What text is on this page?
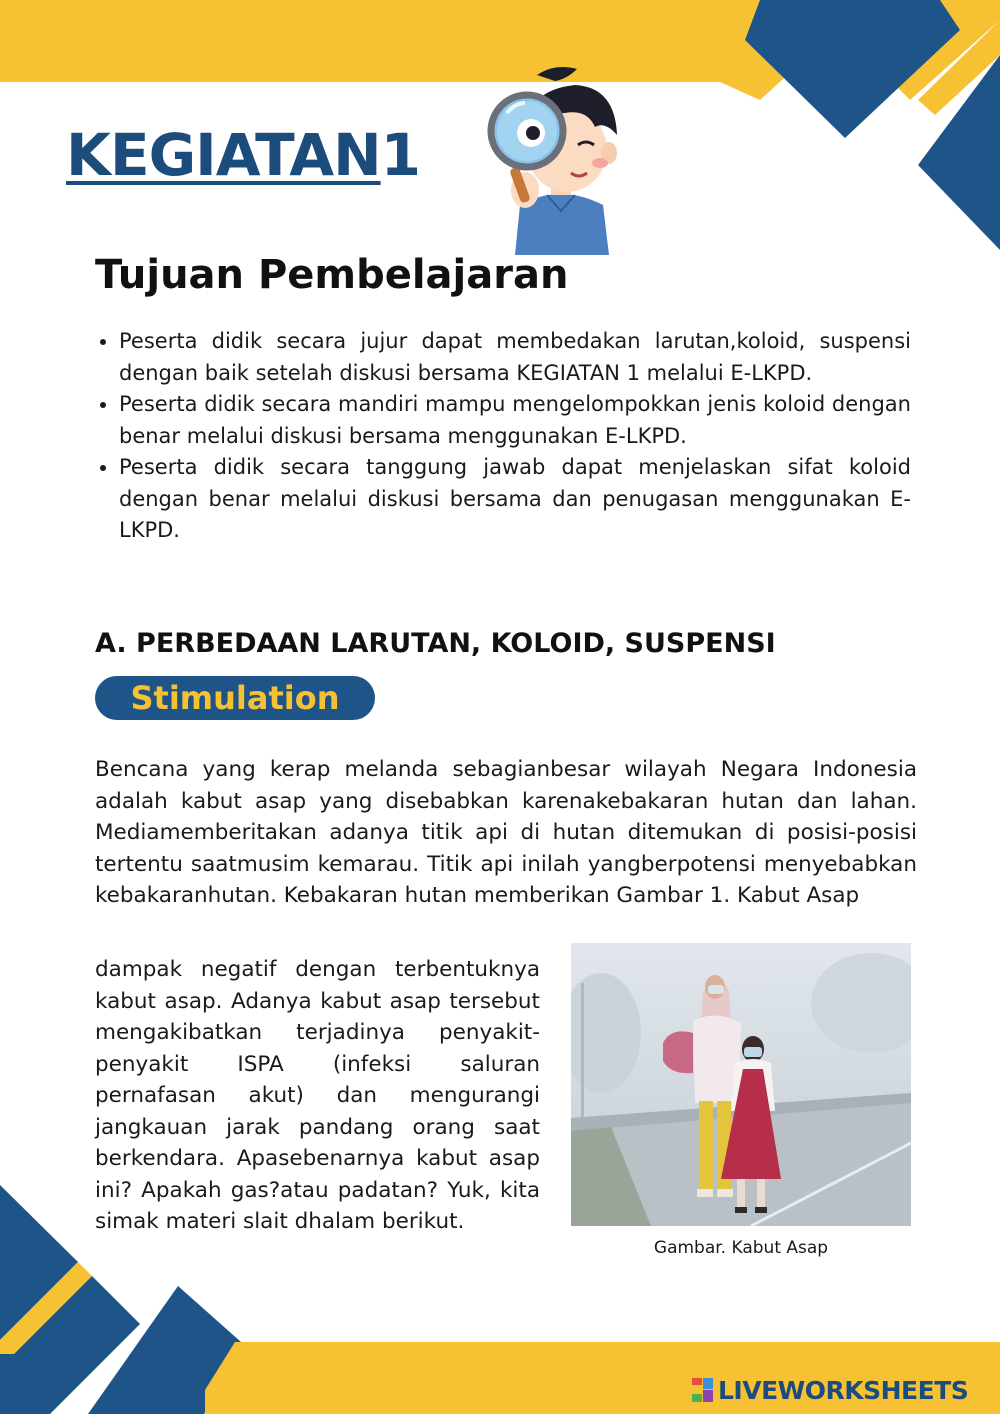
KEGIATAN1
Tujuan Pembelajaran
• Peserta didik secara jujur dapat membedakan larutan,koloid, suspensi dengan baik setelah diskusi bersama KEGIATAN 1 melalui E-LKPD.
• Peserta didik secara mandiri mampu mengelompokkan jenis koloid dengan benar melalui diskusi bersama menggunakan E-LKPD.
• Peserta didik secara tanggung jawab dapat menjelaskan sifat koloid dengan benar melalui diskusi bersama dan penugasan menggunakan E-LKPD.
A. PERBEDAAN LARUTAN, KOLOID, SUSPENSI
Stimulation

Bencana yang kerap melanda sebagianbesar wilayah Negara Indonesia adalah kabut asap yang disebabkan karenakebakaran hutan dan lahan. Mediamemberitakan adanya titik api di hutan ditemukan di posisi-posisi tertentu saatmusim kemarau. Titik api inilah yangberpotensi menyebabkan kebakaranhutan. Kebakaran hutan memberikan Gambar 1. Kabut Asap

dampak negatif dengan terbentuknya kabut asap. Adanya kabut asap tersebut mengakibatkan terjadinya penyakit-penyakit ISPA (infeksi saluran pernafasan akut) dan mengurangi jangkauan jarak pandang orang saat berkendara. Apasebenarnya kabut asap ini? Apakah gas?atau padatan? Yuk, kita simak materi slait dhalam berikut.

Gambar. Kabut Asap
LIVEWORKSHEETS
